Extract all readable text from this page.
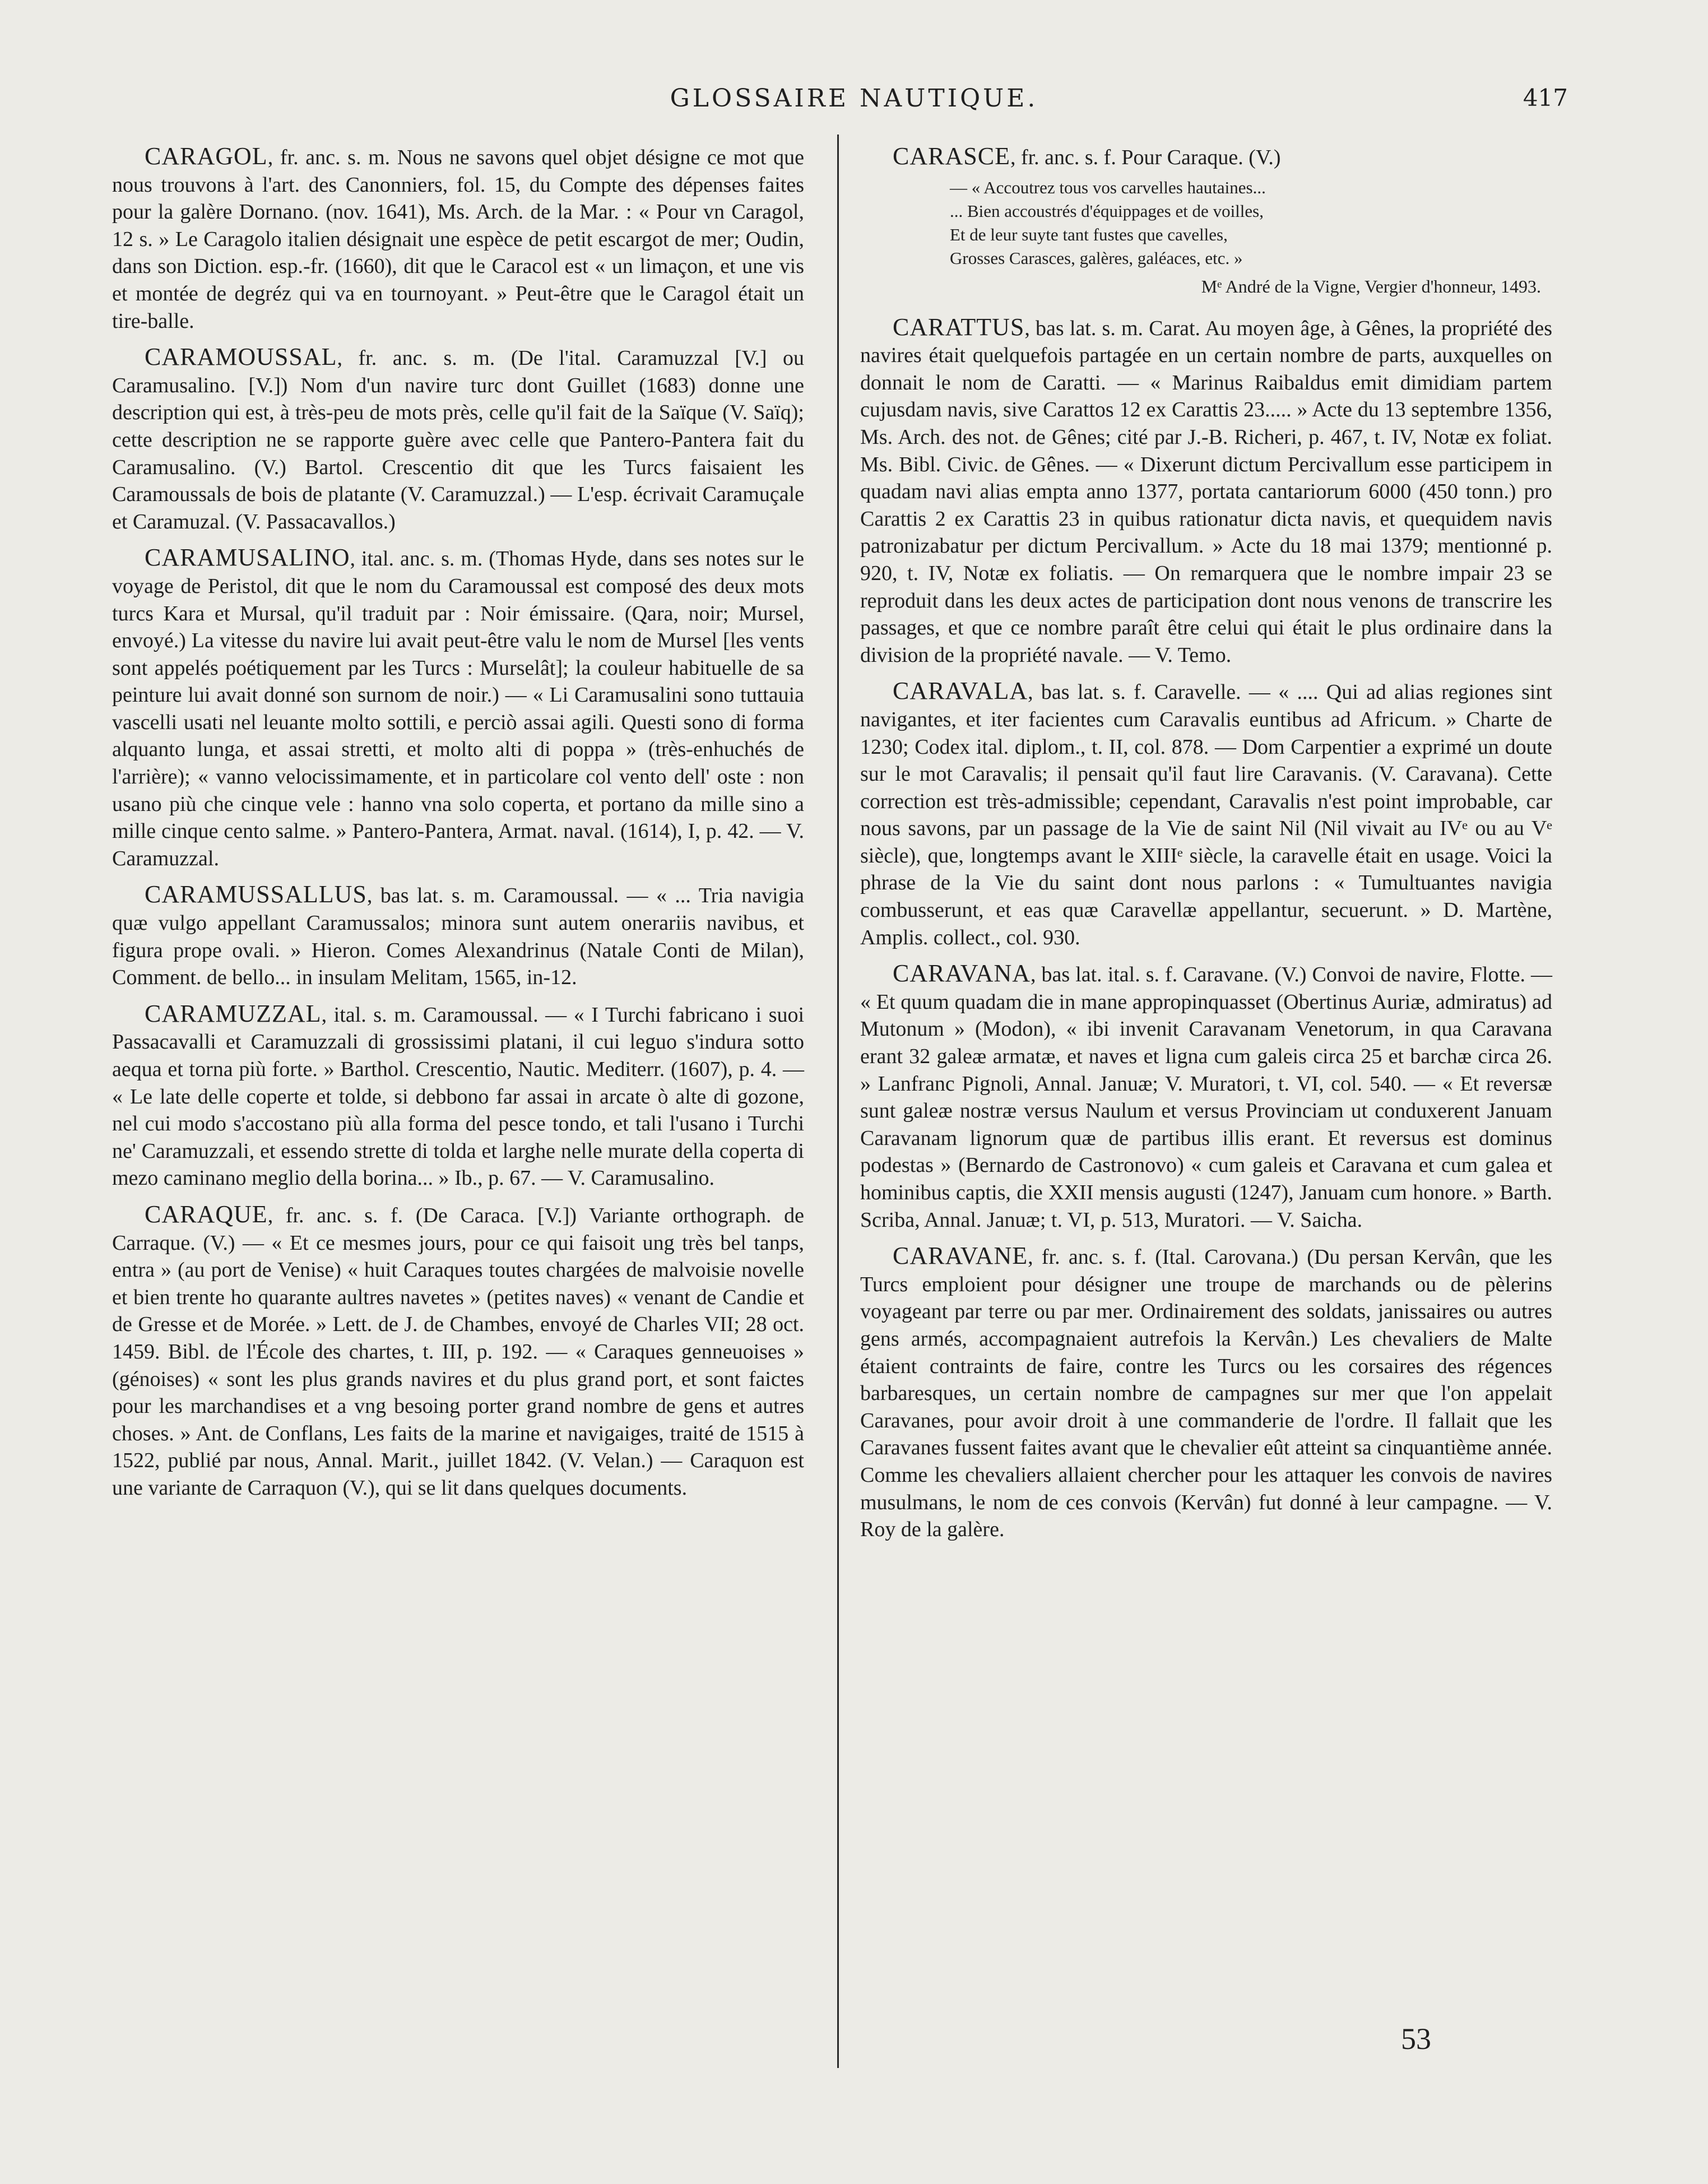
GLOSSAIRE NAUTIQUE.	417

CARAGOL, fr. anc. s. m. Nous ne savons quel objet désigne ce mot que nous trouvons à l'art. des Canonniers, fol. 15, du Compte des dépenses faites pour la galère Dornano. (nov. 1641), Ms. Arch. de la Mar. : « Pour vn Caragol, 12 s. » Le Caragolo italien désignait une espèce de petit escargot de mer; Oudin, dans son Diction. esp.-fr. (1660), dit que le Caracol est « un limaçon, et une vis et montée de degréz qui va en tournoyant. » Peut-être que le Caragol était un tire-balle.

CARAMOUSSAL, fr. anc. s. m. (De l'ital. Caramuzzal [V.] ou Caramusalino. [V.]) Nom d'un navire turc dont Guillet (1683) donne une description qui est, à très-peu de mots près, celle qu'il fait de la Saïque (V. Saïq); cette description ne se rapporte guère avec celle que Pantero-Pantera fait du Caramusalino. (V.) Bartol. Crescentio dit que les Turcs faisaient les Caramoussals de bois de platante (V. Caramuzzal.) — L'esp. écrivait Caramuçale et Caramuzal. (V. Passacavallos.)

CARAMUSALINO, ital. anc. s. m. (Thomas Hyde, dans ses notes sur le voyage de Peristol, dit que le nom du Caramoussal est composé des deux mots turcs Kara et Mursal, qu'il traduit par : Noir émissaire. (Qara, noir; Mursel, envoyé.) La vitesse du navire lui avait peut-être valu le nom de Mursel [les vents sont appelés poétiquement par les Turcs : Murselât]; la couleur habituelle de sa peinture lui avait donné son surnom de noir.) — « Li Caramusalini sono tuttauia vascelli usati nel leuante molto sottili, e perciò assai agili. Questi sono di forma alquanto lunga, et assai stretti, et molto alti di poppa » (très-enhuchés de l'arrière); « vanno velocissimamente, et in particolare col vento dell' oste : non usano più che cinque vele : hanno vna solo coperta, et portano da mille sino a mille cinque cento salme. » Pantero-Pantera, Armat. naval. (1614), I, p. 42. — V. Caramuzzal.

CARAMUSSALLUS, bas lat. s. m. Caramoussal. — « ... Tria navigia quæ vulgo appellant Caramussalos; minora sunt autem onerariis navibus, et figura prope ovali. » Hieron. Comes Alexandrinus (Natale Conti de Milan), Comment. de bello... in insulam Melitam, 1565, in-12.

CARAMUZZAL, ital. s. m. Caramoussal. — « I Turchi fabricano i suoi Passacavalli et Caramuzzali di grossissimi platani, il cui leguo s'indura sotto aequa et torna più forte. » Barthol. Crescentio, Nautic. Mediterr. (1607), p. 4. — « Le late delle coperte et tolde, si debbono far assai in arcate ò alte di gozone, nel cui modo s'accostano più alla forma del pesce tondo, et tali l'usano i Turchi ne' Caramuzzali, et essendo strette di tolda et larghe nelle murate della coperta di mezo caminano meglio della borina... » Ib., p. 67. — V. Caramusalino.

CARAQUE, fr. anc. s. f. (De Caraca. [V.]) Variante orthograph. de Carraque. (V.) — « Et ce mesmes jours, pour ce qui faisoit ung très bel tanps, entra » (au port de Venise) « huit Caraques toutes chargées de malvoisie novelle et bien trente ho quarante aultres navetes » (petites naves) « venant de Candie et de Gresse et de Morée. » Lett. de J. de Chambes, envoyé de Charles VII; 28 oct. 1459. Bibl. de l'École des chartes, t. III, p. 192. — « Caraques genneuoises » (génoises) « sont les plus grands navires et du plus grand port, et sont faictes pour les marchandises et a vng besoing porter grand nombre de gens et autres choses. » Ant. de Conflans, Les faits de la marine et navigaiges, traité de 1515 à 1522, publié par nous, Annal. Marit., juillet 1842. (V. Velan.) — Caraquon est une variante de Carraquon (V.), qui se lit dans quelques documents.

CARASCE, fr. anc. s. f. Pour Caraque. (V.)

— « Accoutrez tous vos carvelles hautaines...
... Bien accoustrés d'équippages et de voilles,
Et de leur suyte tant fustes que cavelles,
Grosses Carasces, galères, galéaces, etc. »
Mᵉ André de la Vigne, Vergier d'honneur, 1493.

CARATTUS, bas lat. s. m. Carat. Au moyen âge, à Gênes, la propriété des navires était quelquefois partagée en un certain nombre de parts, auxquelles on donnait le nom de Caratti. — « Marinus Raibaldus emit dimidiam partem cujusdam navis, sive Carattos 12 ex Carattis 23..... » Acte du 13 septembre 1356, Ms. Arch. des not. de Gênes; cité par J.-B. Richeri, p. 467, t. IV, Notæ ex foliat. Ms. Bibl. Civic. de Gênes. — « Dixerunt dictum Percivallum esse participem in quadam navi alias empta anno 1377, portata cantariorum 6000 (450 tonn.) pro Carattis 2 ex Carattis 23 in quibus rationatur dicta navis, et quequidem navis patronizabatur per dictum Percivallum. » Acte du 18 mai 1379; mentionné p. 920, t. IV, Notæ ex foliatis. — On remarquera que le nombre impair 23 se reproduit dans les deux actes de participation dont nous venons de transcrire les passages, et que ce nombre paraît être celui qui était le plus ordinaire dans la division de la propriété navale. — V. Temo.

CARAVALA, bas lat. s. f. Caravelle. — « .... Qui ad alias regiones sint navigantes, et iter facientes cum Caravalis euntibus ad Africum. » Charte de 1230; Codex ital. diplom., t. II, col. 878. — Dom Carpentier a exprimé un doute sur le mot Caravalis; il pensait qu'il faut lire Caravanis. (V. Caravana). Cette correction est très-admissible; cependant, Caravalis n'est point improbable, car nous savons, par un passage de la Vie de saint Nil (Nil vivait au IVᵉ ou au Vᵉ siècle), que, longtemps avant le XIIIᵉ siècle, la caravelle était en usage. Voici la phrase de la Vie du saint dont nous parlons : « Tumultuantes navigia combusserunt, et eas quæ Caravellæ appellantur, secuerunt. » D. Martène, Amplis. collect., col. 930.

CARAVANA, bas lat. ital. s. f. Caravane. (V.) Convoi de navire, Flotte. — « Et quum quadam die in mane appropinquasset (Obertinus Auriæ, admiratus) ad Mutonum » (Modon), « ibi invenit Caravanam Venetorum, in qua Caravana erant 32 galeæ armatæ, et naves et ligna cum galeis circa 25 et barchæ circa 26. » Lanfranc Pignoli, Annal. Januæ; V. Muratori, t. VI, col. 540. — « Et reversæ sunt galeæ nostræ versus Naulum et versus Provinciam ut conduxerent Januam Caravanam lignorum quæ de partibus illis erant. Et reversus est dominus podestas » (Bernardo de Castronovo) « cum galeis et Caravana et cum galea et hominibus captis, die XXII mensis augusti (1247), Januam cum honore. » Barth. Scriba, Annal. Januæ; t. VI, p. 513, Muratori. — V. Saicha.

CARAVANE, fr. anc. s. f. (Ital. Carovana.) (Du persan Kervân, que les Turcs emploient pour désigner une troupe de marchands ou de pèlerins voyageant par terre ou par mer. Ordinairement des soldats, janissaires ou autres gens armés, accompagnaient autrefois la Kervân.) Les chevaliers de Malte étaient contraints de faire, contre les Turcs ou les corsaires des régences barbaresques, un certain nombre de campagnes sur mer que l'on appelait Caravanes, pour avoir droit à une commanderie de l'ordre. Il fallait que les Caravanes fussent faites avant que le chevalier eût atteint sa cinquantième année. Comme les chevaliers allaient chercher pour les attaquer les convois de navires musulmans, le nom de ces convois (Kervân) fut donné à leur campagne. — V. Roy de la galère.

53
